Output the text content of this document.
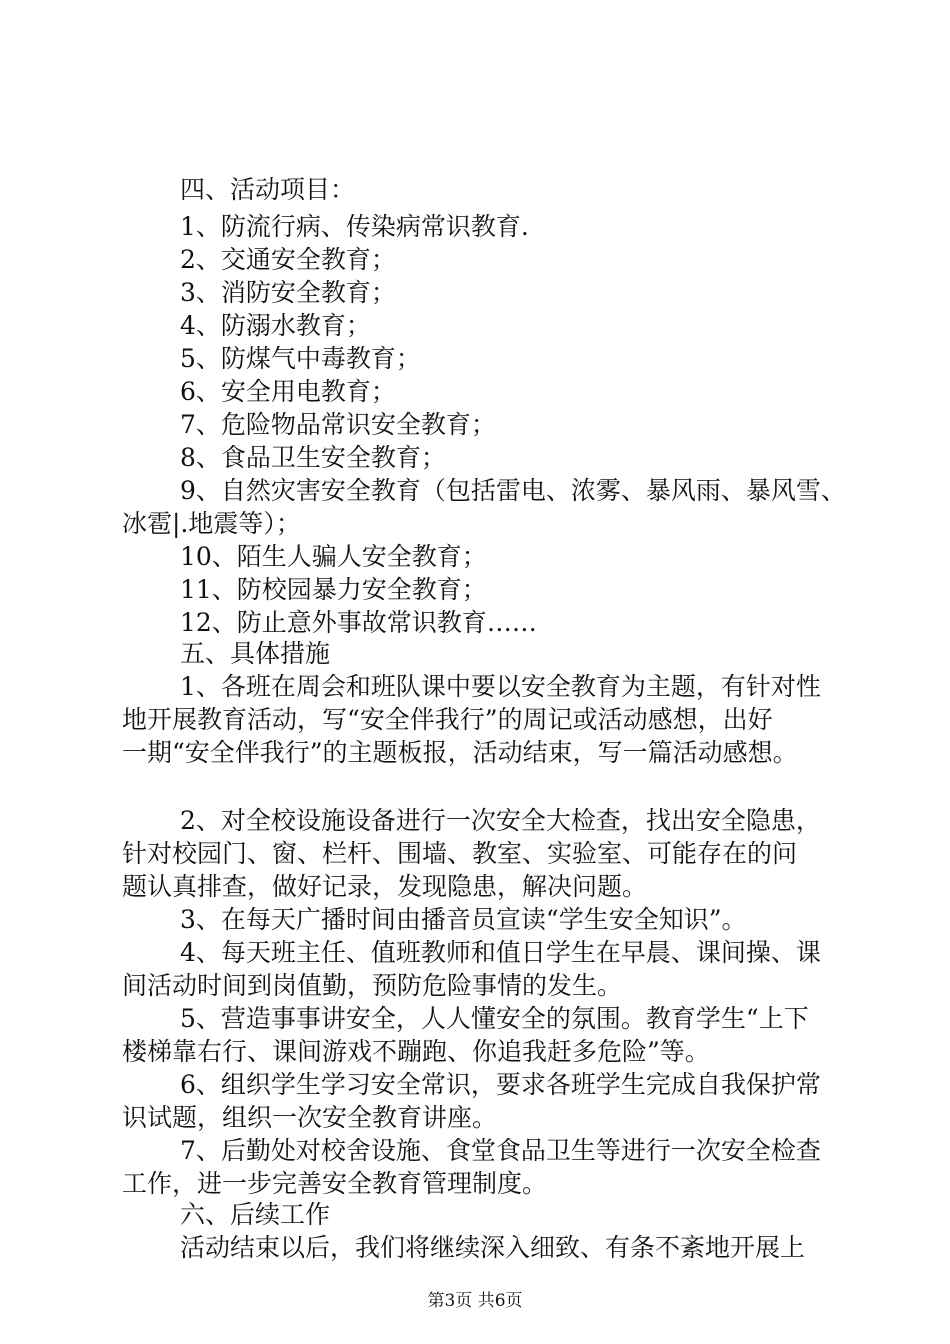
四、活动项目：
1、防流行病、传染病常识教育.
2、交通安全教育；
3、消防安全教育；
4、防溺水教育；
5、防煤气中毒教育；
6、安全用电教育；
7、危险物品常识安全教育；
8、食品卫生安全教育；
9、自然灾害安全教育（包括雷电、浓雾、暴风雨、暴风雪、
冰雹|.地震等）；
10、陌生人骗人安全教育；
11、防校园暴力安全教育；
12、防止意外事故常识教育……
五、具体措施
1、各班在周会和班队课中要以安全教育为主题，有针对性
地开展教育活动，写“安全伴我行”的周记或活动感想，出好
一期“安全伴我行”的主题板报，活动结束，写一篇活动感想。
2、对全校设施设备进行一次安全大检查，找出安全隐患，
针对校园门、窗、栏杆、围墙、教室、实验室、可能存在的问
题认真排查，做好记录，发现隐患，解决问题。
3、在每天广播时间由播音员宣读“学生安全知识”。
4、每天班主任、值班教师和值日学生在早晨、课间操、课
间活动时间到岗值勤，预防危险事情的发生。
5、营造事事讲安全，人人懂安全的氛围。教育学生“上下
楼梯靠右行、课间游戏不蹦跑、你追我赶多危险”等。
6、组织学生学习安全常识，要求各班学生完成自我保护常
识试题，组织一次安全教育讲座。
7、后勤处对校舍设施、食堂食品卫生等进行一次安全检查
工作，进一步完善安全教育管理制度。
六、后续工作
活动结束以后，我们将继续深入细致、有条不紊地开展上
第3页 共6页
